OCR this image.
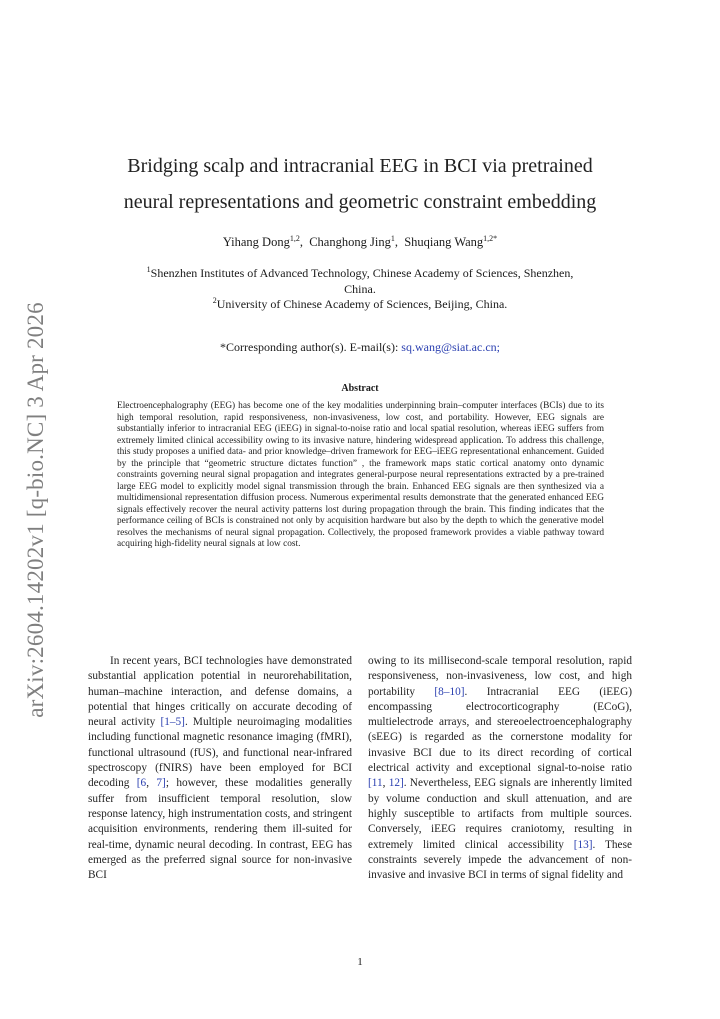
arXiv:2604.14202v1 [q-bio.NC] 3 Apr 2026
Bridging scalp and intracranial EEG in BCI via pretrained
neural representations and geometric constraint embedding
Yihang Dong$^{1,2}$,  Changhong Jing$^1$,  Shuqiang Wang$^{1,2*}$
$^1$Shenzhen Institutes of Advanced Technology, Chinese Academy of Sciences, Shenzhen,
China.
$^2$University of Chinese Academy of Sciences, Beijing, China.
*Corresponding author(s). E-mail(s): sq.wang@siat.ac.cn;
Abstract
Electroencephalography (EEG) has become one of the key modalities underpinning brain–computer interfaces (BCIs) due to its high temporal resolution, rapid responsiveness, non-invasiveness, low cost, and portability. However, EEG signals are substantially inferior to intracranial EEG (iEEG) in signal-to-noise ratio and local spatial resolution, whereas iEEG suffers from extremely limited clinical accessibility owing to its invasive nature, hindering widespread application. To address this challenge, this study proposes a unified data- and prior knowledge–driven framework for EEG–iEEG representational enhancement. Guided by the principle that “geometric structure dictates function” , the framework maps static cortical anatomy onto dynamic constraints governing neural signal propagation and integrates general-purpose neural representations extracted by a pre-trained large EEG model to explicitly model signal transmission through the brain. Enhanced EEG signals are then synthesized via a multidimensional representation diffusion process. Numerous experimental results demonstrate that the generated enhanced EEG signals effectively recover the neural activity patterns lost during propagation through the brain. This finding indicates that the performance ceiling of BCIs is constrained not only by acquisition hardware but also by the depth to which the generative model resolves the mechanisms of neural signal propagation. Collectively, the proposed framework provides a viable pathway toward acquiring high-fidelity neural signals at low cost.
In recent years, BCI technologies have demonstrated substantial application potential in neurorehabilitation, human–machine interaction, and defense domains, a potential that hinges critically on accurate decoding of neural activity [1–5]. Multiple neuroimaging modalities including functional magnetic resonance imaging (fMRI), functional ultrasound (fUS), and functional near-infrared spectroscopy (fNIRS) have been employed for BCI decoding [6, 7]; however, these modalities generally suffer from insufficient temporal resolution, slow response latency, high instrumentation costs, and stringent acquisition environments, rendering them ill-suited for real-time, dynamic neural decoding. In contrast, EEG has emerged as the preferred signal source for non-invasive BCI
owing to its millisecond-scale temporal resolution, rapid responsiveness, non-invasiveness, low cost, and high portability [8–10]. Intracranial EEG (iEEG) encompassing electrocorticography (ECoG), multielectrode arrays, and stereoelectroencephalography (sEEG) is regarded as the cornerstone modality for invasive BCI due to its direct recording of cortical electrical activity and exceptional signal-to-noise ratio [11, 12]. Nevertheless, EEG signals are inherently limited by volume conduction and skull attenuation, and are highly susceptible to artifacts from multiple sources. Conversely, iEEG requires craniotomy, resulting in extremely limited clinical accessibility [13]. These constraints severely impede the advancement of non-invasive and invasive BCI in terms of signal fidelity and
1
